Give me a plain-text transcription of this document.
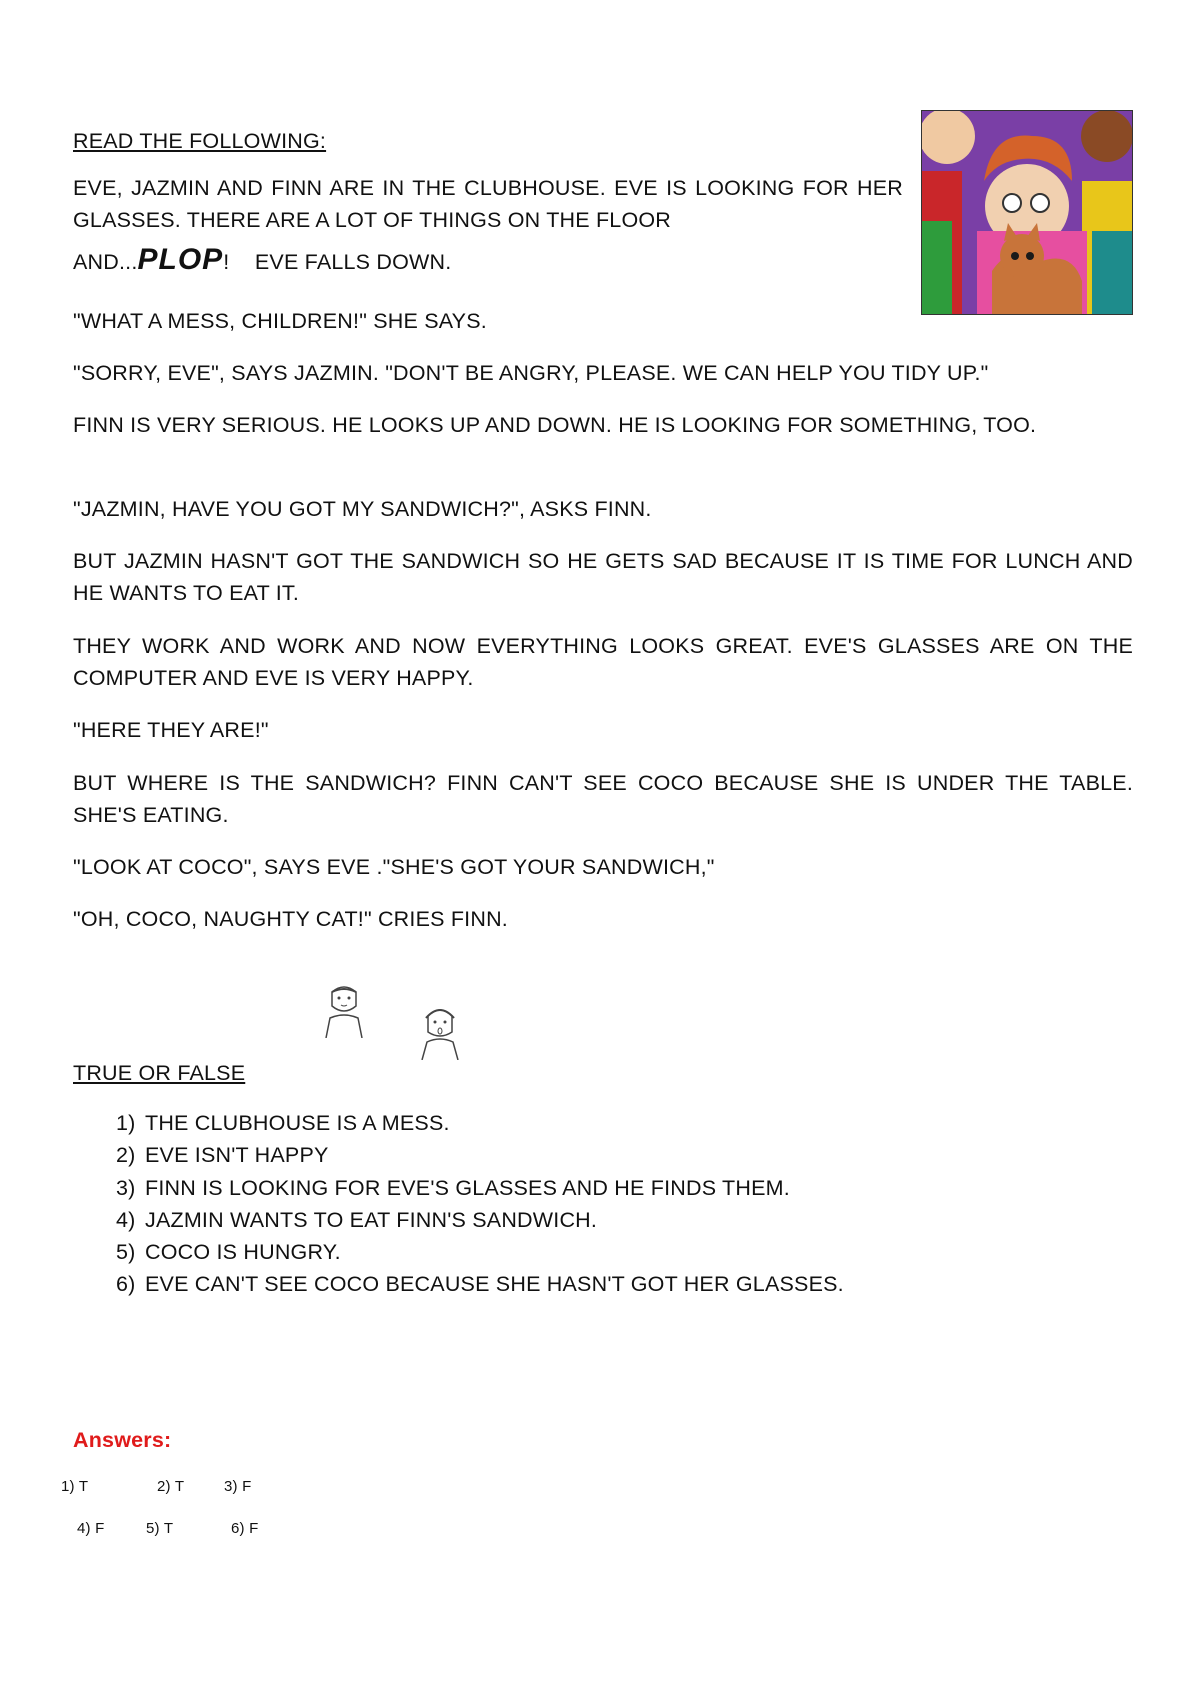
READ THE FOLLOWING:

EVE, JAZMIN AND FINN ARE IN THE CLUBHOUSE. EVE IS LOOKING FOR HER GLASSES. THERE ARE A LOT OF THINGS ON THE FLOOR

AND...PLOP! EVE FALLS DOWN.

"WHAT A MESS, CHILDREN!" SHE SAYS.

"SORRY, EVE", SAYS JAZMIN. "DON'T BE ANGRY, PLEASE. WE CAN HELP YOU TIDY UP."

FINN IS VERY SERIOUS. HE LOOKS UP AND DOWN. HE IS LOOKING FOR SOMETHING, TOO.

"JAZMIN, HAVE YOU GOT MY SANDWICH?", ASKS FINN.

BUT JAZMIN HASN'T GOT THE SANDWICH SO HE GETS SAD BECAUSE IT IS TIME FOR LUNCH AND HE WANTS TO EAT IT.

THEY WORK AND WORK AND NOW EVERYTHING LOOKS GREAT. EVE'S GLASSES ARE ON THE COMPUTER AND EVE IS VERY HAPPY.

"HERE THEY ARE!"

BUT WHERE IS THE SANDWICH? FINN CAN'T SEE COCO BECAUSE SHE IS UNDER THE TABLE. SHE'S EATING.

"LOOK AT COCO", SAYS EVE ."SHE'S GOT YOUR SANDWICH,"

"OH, COCO, NAUGHTY CAT!" CRIES FINN.

TRUE OR FALSE

1) THE CLUBHOUSE IS A MESS.
2) EVE ISN'T HAPPY
3) FINN IS LOOKING FOR EVE'S GLASSES AND HE FINDS THEM.
4) JAZMIN WANTS TO EAT FINN'S SANDWICH.
5) COCO IS HUNGRY.
6) EVE CAN'T SEE COCO BECAUSE SHE HASN'T GOT HER GLASSES.
Answers:
1) T	2) T	3) F
4) F	5) T	6) F
